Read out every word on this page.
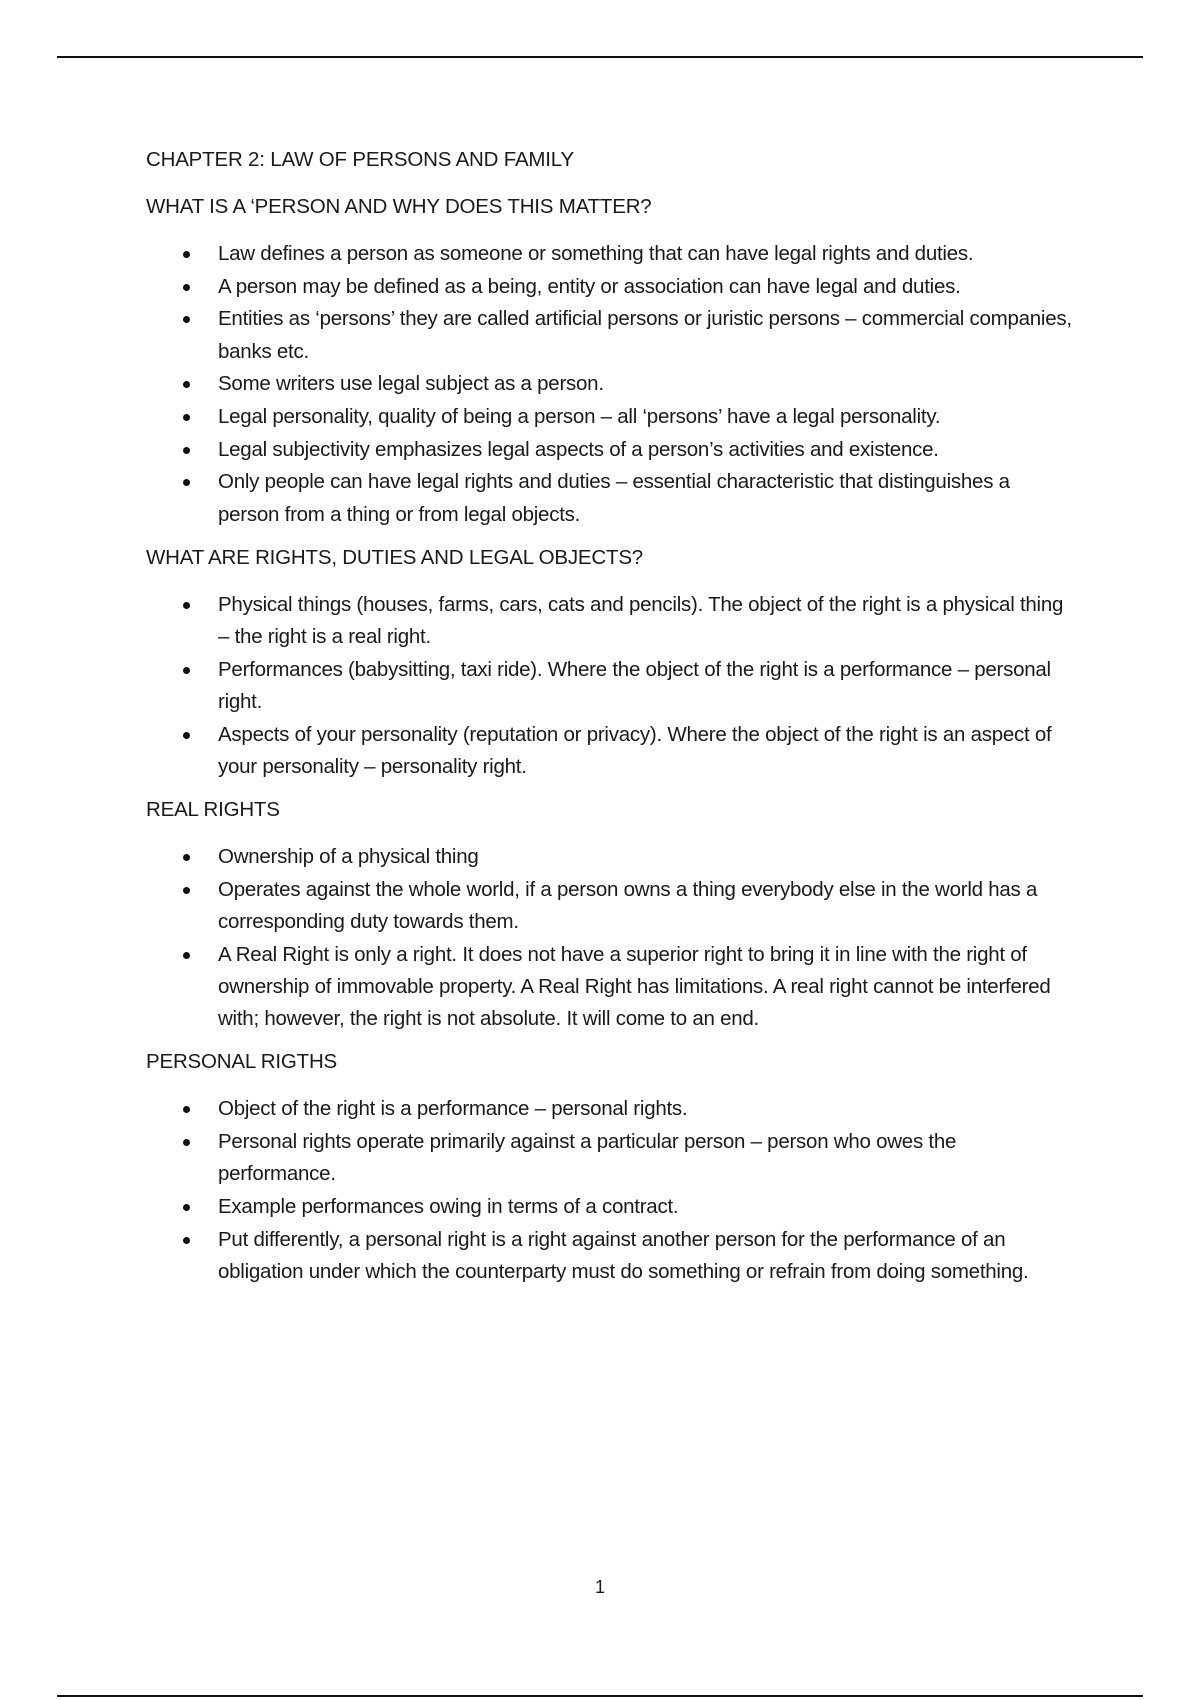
CHAPTER 2: LAW OF PERSONS AND FAMILY
WHAT IS A ‘PERSON AND WHY DOES THIS MATTER?
Law defines a person as someone or something that can have legal rights and duties.
A person may be defined as a being, entity or association can have legal and duties.
Entities as ‘persons’ they are called artificial persons or juristic persons – commercial companies, banks etc.
Some writers use legal subject as a person.
Legal personality, quality of being a person – all ‘persons’ have a legal personality.
Legal subjectivity emphasizes legal aspects of a person’s activities and existence.
Only people can have legal rights and duties – essential characteristic that distinguishes a person from a thing or from legal objects.
WHAT ARE RIGHTS, DUTIES AND LEGAL OBJECTS?
Physical things (houses, farms, cars, cats and pencils). The object of the right is a physical thing – the right is a real right.
Performances (babysitting, taxi ride). Where the object of the right is a performance – personal right.
Aspects of your personality (reputation or privacy). Where the object of the right is an aspect of your personality – personality right.
REAL RIGHTS
Ownership of a physical thing
Operates against the whole world, if a person owns a thing everybody else in the world has a corresponding duty towards them.
A Real Right is only a right. It does not have a superior right to bring it in line with the right of ownership of immovable property. A Real Right has limitations. A real right cannot be interfered with; however, the right is not absolute. It will come to an end.
PERSONAL RIGTHS
Object of the right is a performance – personal rights.
Personal rights operate primarily against a particular person – person who owes the performance.
Example performances owing in terms of a contract.
Put differently, a personal right is a right against another person for the performance of an obligation under which the counterparty must do something or refrain from doing something.
1
